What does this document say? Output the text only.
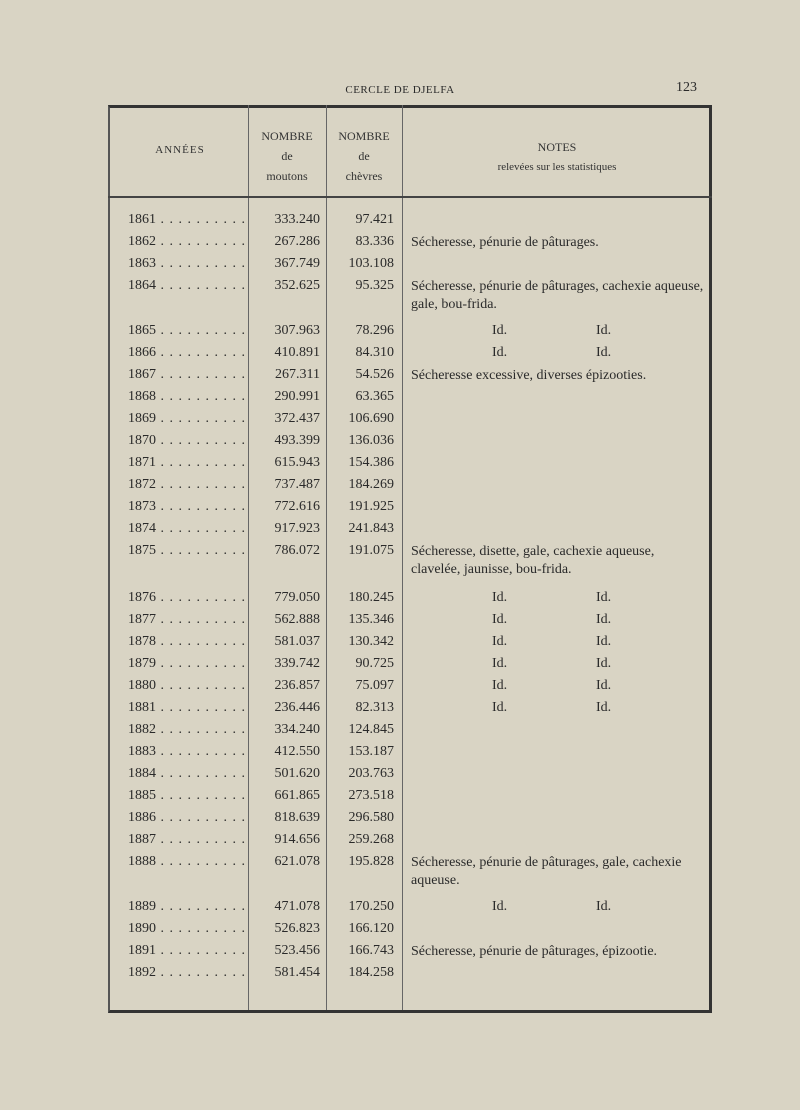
CERCLE DE DJELFA	123
ANNÉES
NOMBRE
de
moutons
NOMBRE
de
chèvres
NOTES
relevées sur les statistiques
1861 . . .	333.240	97.421
1862 . . .	267.286	83.336 Sécheresse, pénurie de pâturages.
1863 . . .	367.749	103.108
1864 . . .	352.625	95.325 Sécheresse, pénurie de pâturages, cachexie aqueuse, gale, bou-frida.
1865 . . .	307.963	78.296	Id.	Id.
1866 . . .	410.891	84.310	Id.	Id.
1867 . . .	267.311	54.526 Sécheresse excessive, diverses épizooties.
1868 . . .	290.991	63.365
1869 . . .	372.437	106.690
1870 . . .	493.399	136.036
1871 . . .	615.943	154.386
1872 . . .	737.487	184.269
1873 . . .	772.616	191.925
1874 . . .	917.923	241.843
1875 . . .	786.072	191.075 Sécheresse, disette, gale, cachexie aqueuse, clavelée, jaunisse, bou-frida.
1876 . . .	779.050	180.245	Id.	Id.
1877 . . .	562.888	135.346	Id.	Id.
1878 . . .	581.037	130.342	Id.	Id.
1879 . . .	339.742	90.725	Id.	Id.
1880 . . .	236.857	75.097	Id.	Id.
1881 . . .	236.446	82.313	Id.	Id.
1882 . . .	334.240	124.845
1883 . . .	412.550	153.187
1884 . . .	501.620	203.763
1885 . . .	661.865	273.518
1886 . . .	818.639	296.580
1887 . . .	914.656	259.268
1888 . . .	621.078	195.828 Sécheresse, pénurie de pâturages, gale, cachexie aqueuse.
1889 . . .	471.078	170.250	Id.	Id.
1890 . . .	526.823	166.120
1891 . . .	523.456	166.743 Sécheresse, pénurie de pâturages, épizootie.
1892 . . .	581.454	184.258
